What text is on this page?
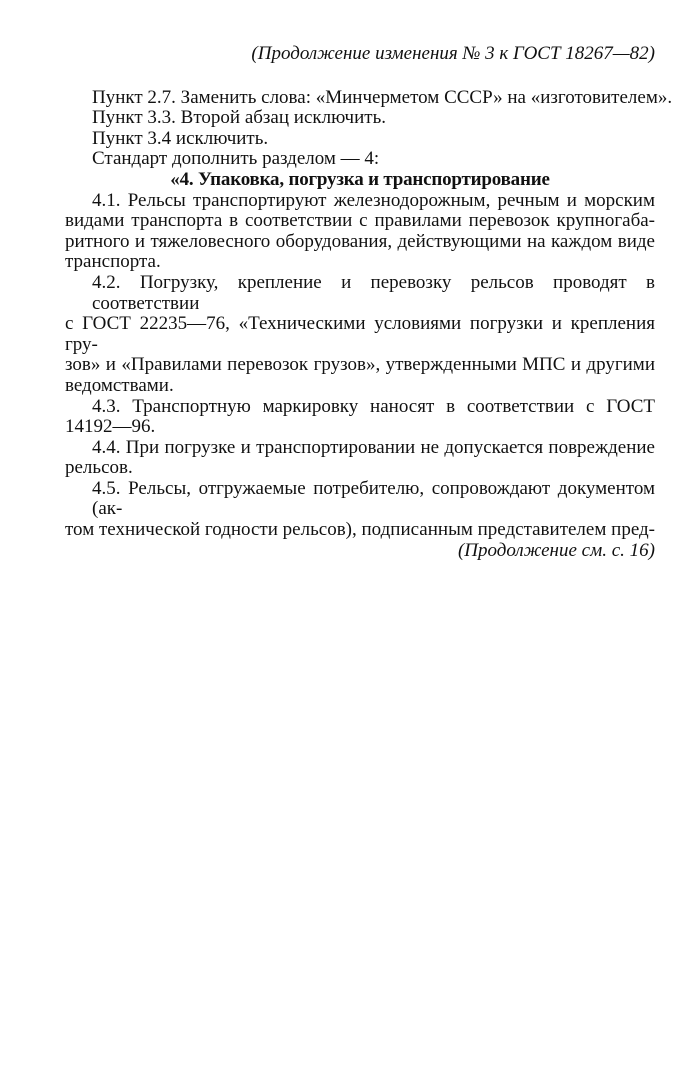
(Продолжение изменения № 3 к ГОСТ 18267—82)
Пункт 2.7. Заменить слова: «Минчерметом СССР» на «изготовителем».
Пункт 3.3. Второй абзац исключить.
Пункт 3.4 исключить.
Стандарт дополнить разделом — 4:
«4. Упаковка, погрузка и транспортирование
4.1. Рельсы транспортируют железнодорожным, речным и морским
видами транспорта в соответствии с правилами перевозок крупногаба-
ритного и тяжеловесного оборудования, действующими на каждом виде
транспорта.
4.2. Погрузку, крепление и перевозку рельсов проводят в соответствии
с ГОСТ 22235—76, «Техническими условиями погрузки и крепления гру-
зов» и «Правилами перевозок грузов», утвержденными МПС и другими
ведомствами.
4.3. Транспортную маркировку наносят в соответствии с ГОСТ
14192—96.
4.4. При погрузке и транспортировании не допускается повреждение
рельсов.
4.5. Рельсы, отгружаемые потребителю, сопровождают документом (ак-
том технической годности рельсов), подписанным представителем пред-
(Продолжение см. с. 16)
